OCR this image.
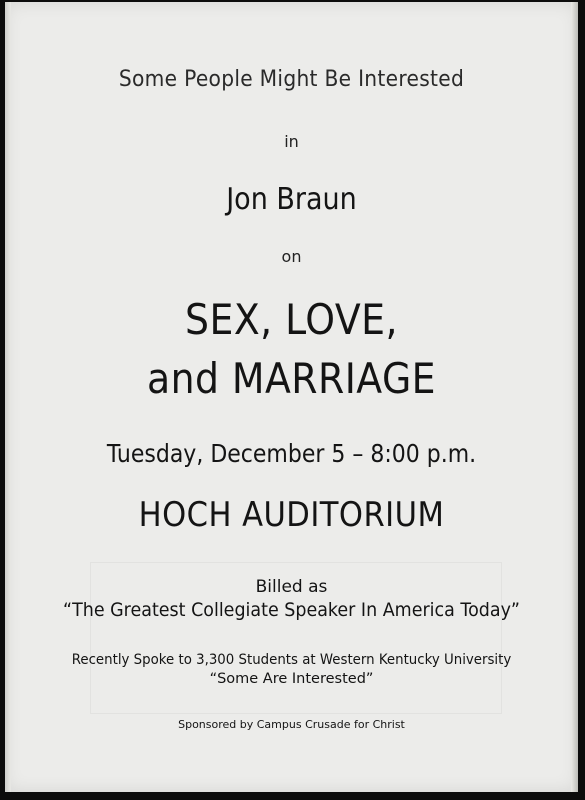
Some People Might Be Interested
in
Jon Braun
on
SEX, LOVE,
and MARRIAGE
Tuesday, December 5 – 8:00 p.m.
HOCH AUDITORIUM
Billed as
“The Greatest Collegiate Speaker In America Today”
Recently Spoke to 3,300 Students at Western Kentucky University
“Some Are Interested”
Sponsored by Campus Crusade for Christ
